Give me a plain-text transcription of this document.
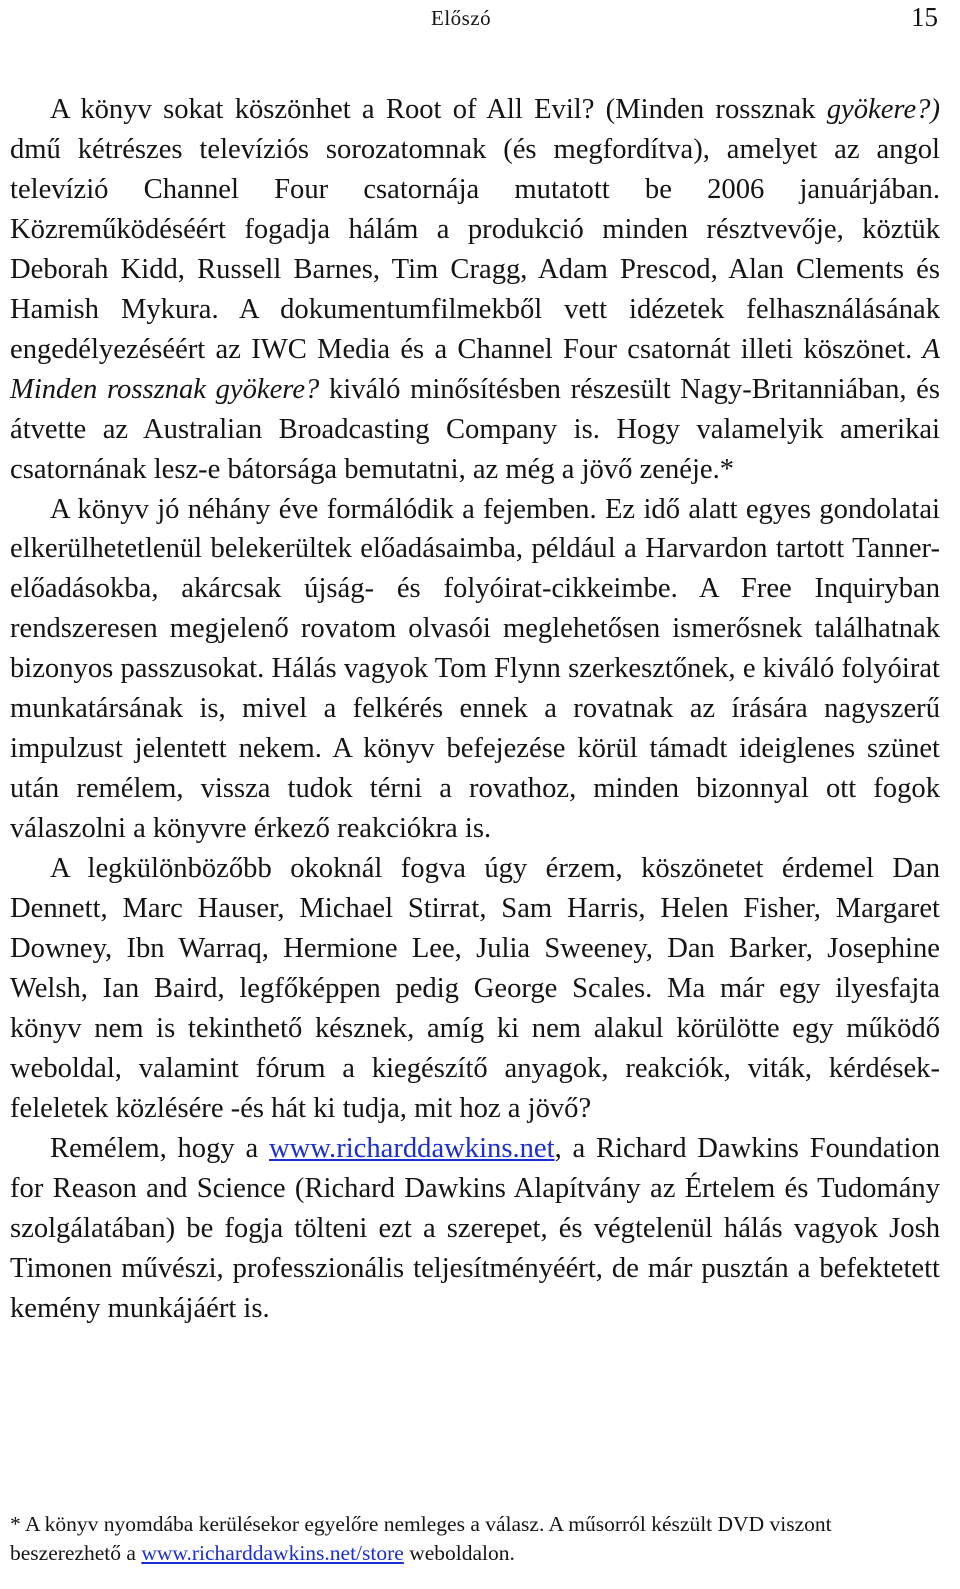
Előszó	15

A könyv sokat köszönhet a Root of All Evil? (Minden rossznak gyökere?) dmű kétrészes televíziós sorozatomnak (és megfordítva), amelyet az angol televízió Channel Four csatornája mutatott be 2006 januárjában. Közreműködéséért fogadja hálám a produkció minden résztvevője, köztük Deborah Kidd, Russell Barnes, Tim Cragg, Adam Prescod, Alan Clements és Hamish Mykura. A dokumentumfilmekből vett idézetek felhasználásának engedélyezéséért az IWC Media és a Channel Four csatornát illeti köszönet. A Minden rossznak gyökere? kiváló minősítésben részesült Nagy-Britanniában, és átvette az Australian Broadcasting Company is. Hogy valamelyik amerikai csatornának lesz-e bátorsága bemutatni, az még a jövő zenéje.*

A könyv jó néhány éve formálódik a fejemben. Ez idő alatt egyes gondolatai elkerülhetetlenül belekerültek előadásaimba, például a Harvardon tartott Tanner-előadásokba, akárcsak újság- és folyóirat-cikkeimbe. A Free Inquiryban rendszeresen megjelenő rovatom olvasói meglehetősen ismerősnek találhatnak bizonyos passzusokat. Hálás vagyok Tom Flynn szerkesztőnek, e kiváló folyóirat munkatársának is, mivel a felkérés ennek a rovatnak az írására nagyszerű impulzust jelentett nekem. A könyv befejezése körül támadt ideiglenes szünet után remélem, vissza tudok térni a rovathoz, minden bizonnyal ott fogok válaszolni a könyvre érkező reakciókra is.

A legkülönbözőbb okoknál fogva úgy érzem, köszönetet érdemel Dan Dennett, Marc Hauser, Michael Stirrat, Sam Harris, Helen Fisher, Margaret Downey, Ibn Warraq, Hermione Lee, Julia Sweeney, Dan Barker, Josephine Welsh, Ian Baird, legfőképpen pedig George Scales. Ma már egy ilyesfajta könyv nem is tekinthető késznek, amíg ki nem alakul körülötte egy működő weboldal, valamint fórum a kiegészítő anyagok, reakciók, viták, kérdések-feleletek közlésére -és hát ki tudja, mit hoz a jövő?

Remélem, hogy a www.richarddawkins.net, a Richard Dawkins Foundation for Reason and Science (Richard Dawkins Alapítvány az Értelem és Tudomány szolgálatában) be fogja tölteni ezt a szerepet, és végtelenül hálás vagyok Josh Timonen művészi, professzionális teljesítményéért, de már pusztán a befektetett kemény munkájáért is.

* A könyv nyomdába kerülésekor egyelőre nemleges a válasz. A műsorról készült DVD viszont beszerezhető a www.richarddawkins.net/store weboldalon.
